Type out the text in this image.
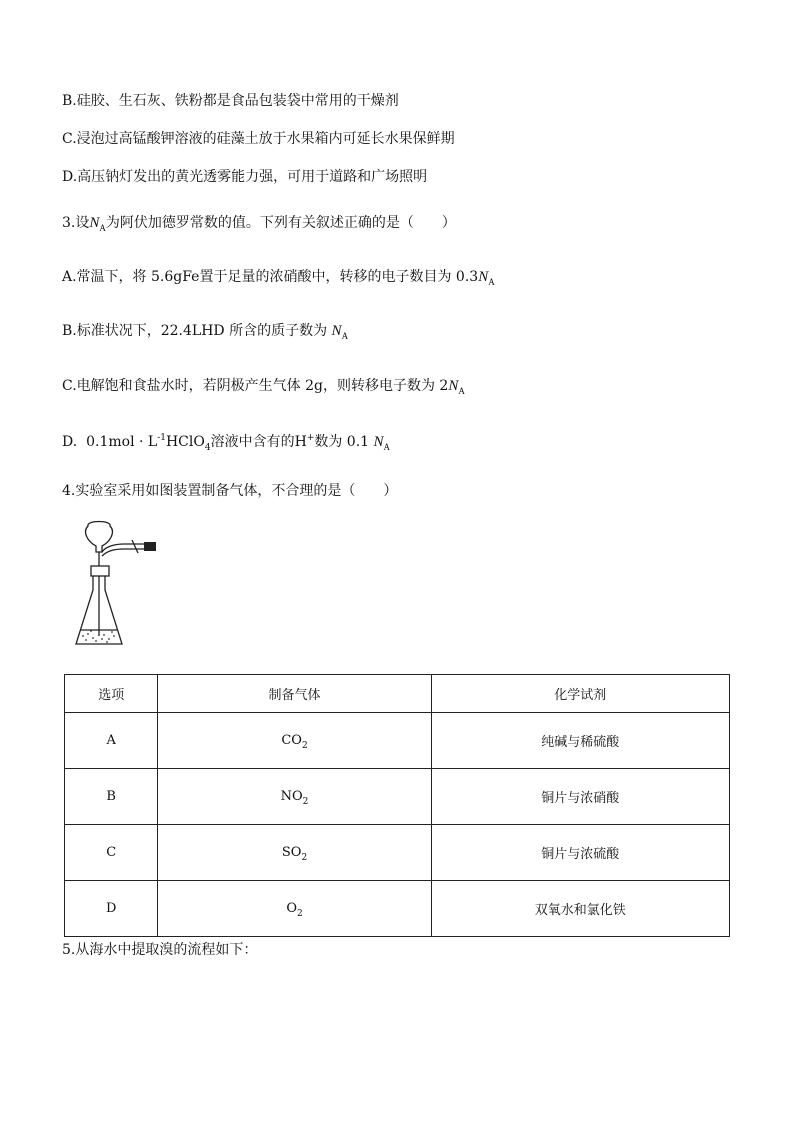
B.硅胶、生石灰、铁粉都是食品包装袋中常用的干燥剂
C.浸泡过高锰酸钾溶液的硅藻土放于水果箱内可延长水果保鲜期
D.高压钠灯发出的黄光透雾能力强，可用于道路和广场照明
3.设$N_A$为阿伏加德罗常数的值。下列有关叙述正确的是（　　）
A.常温下，将 5.6gFe置于足量的浓硝酸中，转移的电子数目为 $0.3N_A$
B.标准状况下，22.4LHD 所含的质子数为 $N_A$
C.电解饱和食盐水时，若阴极产生气体 2g，则转移电子数为 $2N_A$
D. $0.1mol \cdot L^{-1}HClO_4$溶液中含有的H+数为 0.1 $N_A$
4.实验室采用如图装置制备气体，不合理的是（　　）
选项	制备气体	化学试剂
A	$CO_2$	纯碱与稀硫酸
B	$NO_2$	铜片与浓硝酸
C	$SO_2$	铜片与浓硫酸
D	$O_2$	双氧水和氯化铁
5.从海水中提取溴的流程如下：
